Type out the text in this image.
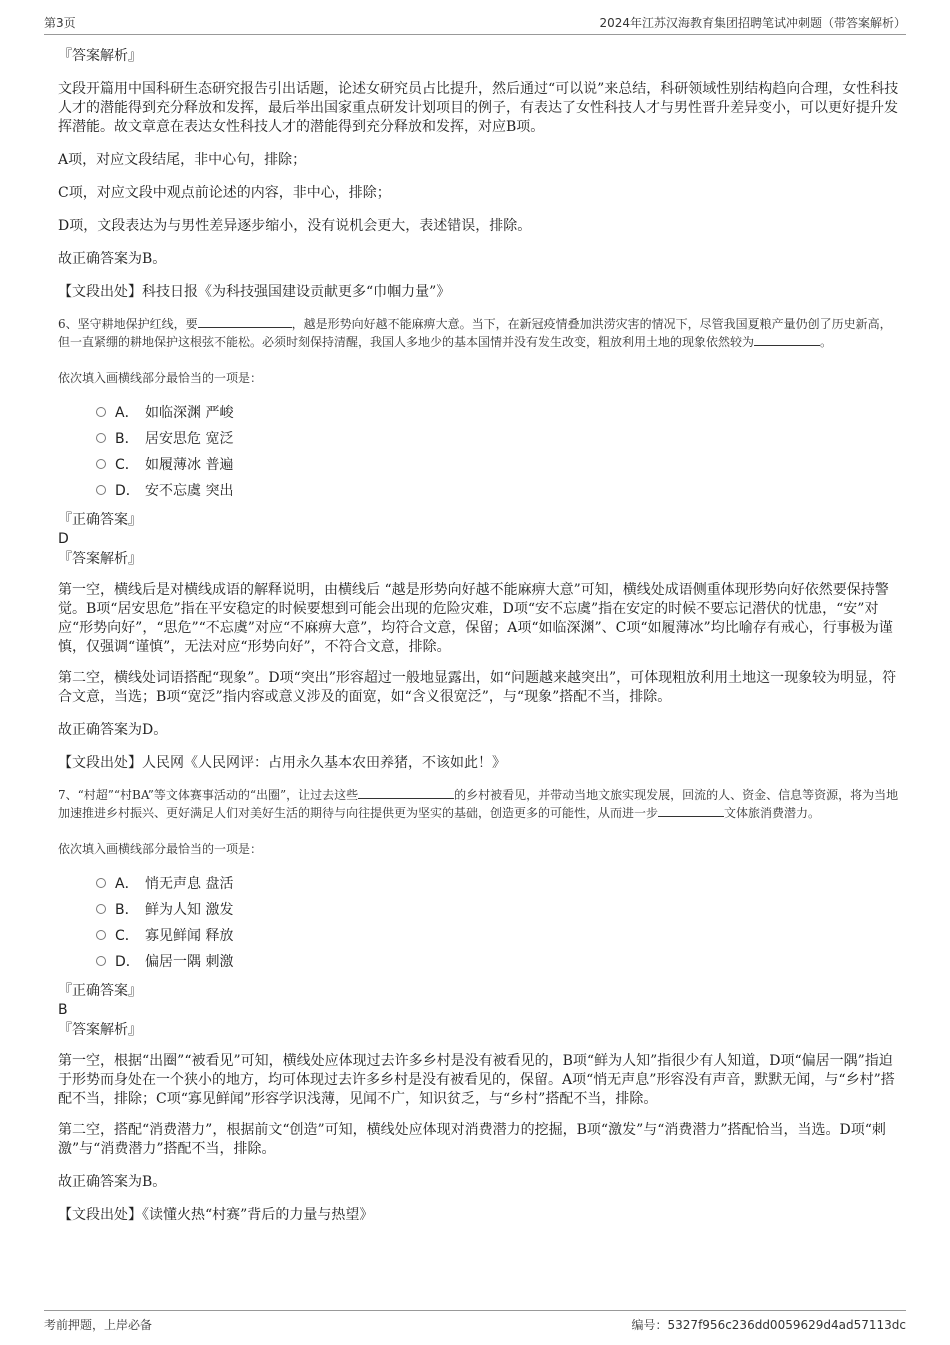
第3页	2024年江苏汉海教育集团招聘笔试冲刺题（带答案解析）

『答案解析』

文段开篇用中国科研生态研究报告引出话题，论述女研究员占比提升，然后通过“可以说”来总结，科研领域性别结构趋向合理，女性科技人才的潜能得到充分释放和发挥，最后举出国家重点研发计划项目的例子，有表达了女性科技人才与男性晋升差异变小，可以更好提升发挥潜能。故文章意在表达女性科技人才的潜能得到充分释放和发挥，对应B项。

A项，对应文段结尾，非中心句，排除；

C项，对应文段中观点前论述的内容，非中心，排除；

D项，文段表达为与男性差异逐步缩小，没有说机会更大，表述错误，排除。

故正确答案为B。

【文段出处】科技日报《为科技强国建设贡献更多“巾帼力量”》

6、坚守耕地保护红线，要	，越是形势向好越不能麻痹大意。当下，在新冠疫情叠加洪涝灾害的情况下，尽管我国夏粮产量仍创了历史新高，但一直紧绷的耕地保护这根弦不能松。必须时刻保持清醒，我国人多地少的基本国情并没有发生改变，粗放利用土地的现象依然较为	。

依次填入画横线部分最恰当的一项是：

A． 如临深渊 严峻
B． 居安思危 宽泛
C． 如履薄冰 普遍
D． 安不忘虞 突出

『正确答案』

D

『答案解析』

第一空，横线后是对横线成语的解释说明，由横线后 “越是形势向好越不能麻痹大意”可知，横线处成语侧重体现形势向好依然要保持警觉。B项“居安思危”指在平安稳定的时候要想到可能会出现的危险灾难，D项“安不忘虞”指在安定的时候不要忘记潜伏的忧患，“安”对应“形势向好”，“思危”“不忘虞”对应“不麻痹大意”，均符合文意，保留；A项“如临深渊”、C项“如履薄冰”均比喻存有戒心，行事极为谨慎，仅强调“谨慎”，无法对应“形势向好”，不符合文意，排除。

第二空，横线处词语搭配“现象”。D项“突出”形容超过一般地显露出，如“问题越来越突出”，可体现粗放利用土地这一现象较为明显，符合文意，当选；B项“宽泛”指内容或意义涉及的面宽，如“含义很宽泛”，与“现象”搭配不当，排除。

故正确答案为D。

【文段出处】人民网《人民网评：占用永久基本农田养猪，不该如此！》

7、“村超”“村BA”等文体赛事活动的“出圈”，让过去这些	的乡村被看见，并带动当地文旅实现发展，回流的人、资金、信息等资源，将为当地加速推进乡村振兴、更好满足人们对美好生活的期待与向往提供更为坚实的基础，创造更多的可能性，从而进一步	文体旅消费潜力。

依次填入画横线部分最恰当的一项是：

A． 悄无声息 盘活
B． 鲜为人知 激发
C． 寡见鲜闻 释放
D． 偏居一隅 刺激

『正确答案』

B

『答案解析』

第一空，根据“出圈”“被看见”可知，横线处应体现过去许多乡村是没有被看见的，B项“鲜为人知”指很少有人知道，D项“偏居一隅”指迫于形势而身处在一个狭小的地方，均可体现过去许多乡村是没有被看见的，保留。A项“悄无声息”形容没有声音，默默无闻，与“乡村”搭配不当，排除；C项“寡见鲜闻”形容学识浅薄，见闻不广，知识贫乏，与“乡村”搭配不当，排除。

第二空，搭配“消费潜力”，根据前文“创造”可知，横线处应体现对消费潜力的挖掘，B项“激发”与“消费潜力”搭配恰当，当选。D项“刺激”与“消费潜力”搭配不当，排除。

故正确答案为B。

【文段出处】《读懂火热“村赛”背后的力量与热望》

考前押题，上岸必备	编号：5327f956c236dd0059629d4ad57113dc
